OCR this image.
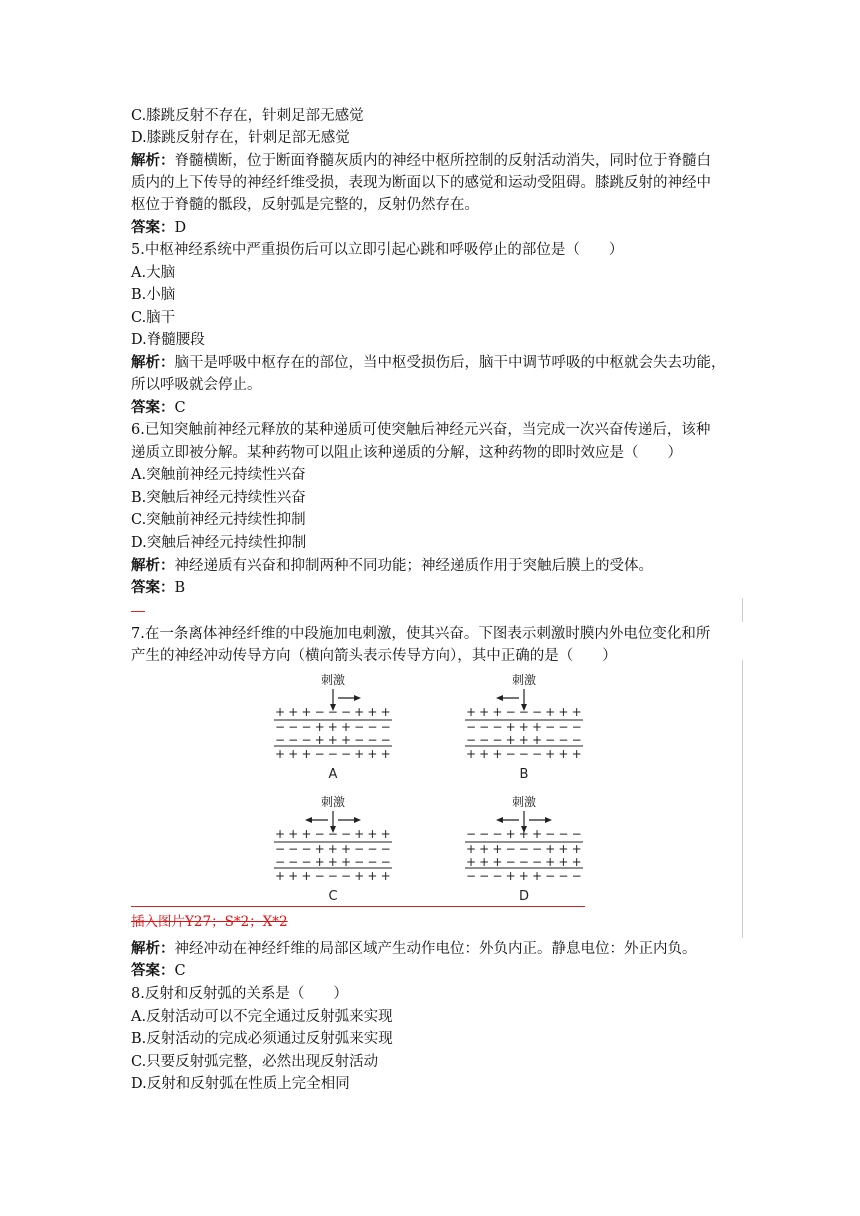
C.膝跳反射不存在，针刺足部无感觉
D.膝跳反射存在，针刺足部无感觉
解析：脊髓横断，位于断面脊髓灰质内的神经中枢所控制的反射活动消失，同时位于脊髓白
质内的上下传导的神经纤维受损，表现为断面以下的感觉和运动受阻碍。膝跳反射的神经中
枢位于脊髓的骶段，反射弧是完整的，反射仍然存在。
答案：D
5.中枢神经系统中严重损伤后可以立即引起心跳和呼吸停止的部位是（　　）
A.大脑
B.小脑
C.脑干
D.脊髓腰段
解析：脑干是呼吸中枢存在的部位，当中枢受损伤后，脑干中调节呼吸的中枢就会失去功能，
所以呼吸就会停止。
答案：C
6.已知突触前神经元释放的某种递质可使突触后神经元兴奋，当完成一次兴奋传递后，该种
递质立即被分解。某种药物可以阻止该种递质的分解，这种药物的即时效应是（　　）
A.突触前神经元持续性兴奋
B.突触后神经元持续性兴奋
C.突触前神经元持续性抑制
D.突触后神经元持续性抑制
解析：神经递质有兴奋和抑制两种不同功能；神经递质作用于突触后膜上的受体。
答案：B
7.在一条离体神经纤维的中段施加电刺激，使其兴奋。下图表示刺激时膜内外电位变化和所
产生的神经冲动传导方向（横向箭头表示传导方向），其中正确的是（　　）
刺激
+ + + − − − + + +
− − − + + + − − −
− − − + + + − − −
+ + + − − − + + +
A
刺激
+ + + − − − + + +
− − − + + + − − −
− − − + + + − − −
+ + + − − − + + +
B
刺激
+ + + − − − + + +
− − − + + + − − −
− − − + + + − − −
+ + + − − − + + +
C
刺激
− − − + + + − − −
+ + + − − − + + +
+ + + − − − + + +
− − − + + + − − −
D
插入图片Y27；S*2；X*2
解析：神经冲动在神经纤维的局部区域产生动作电位：外负内正。静息电位：外正内负。
答案：C
8.反射和反射弧的关系是（　　）
A.反射活动可以不完全通过反射弧来实现
B.反射活动的完成必须通过反射弧来实现
C.只要反射弧完整，必然出现反射活动
D.反射和反射弧在性质上完全相同
